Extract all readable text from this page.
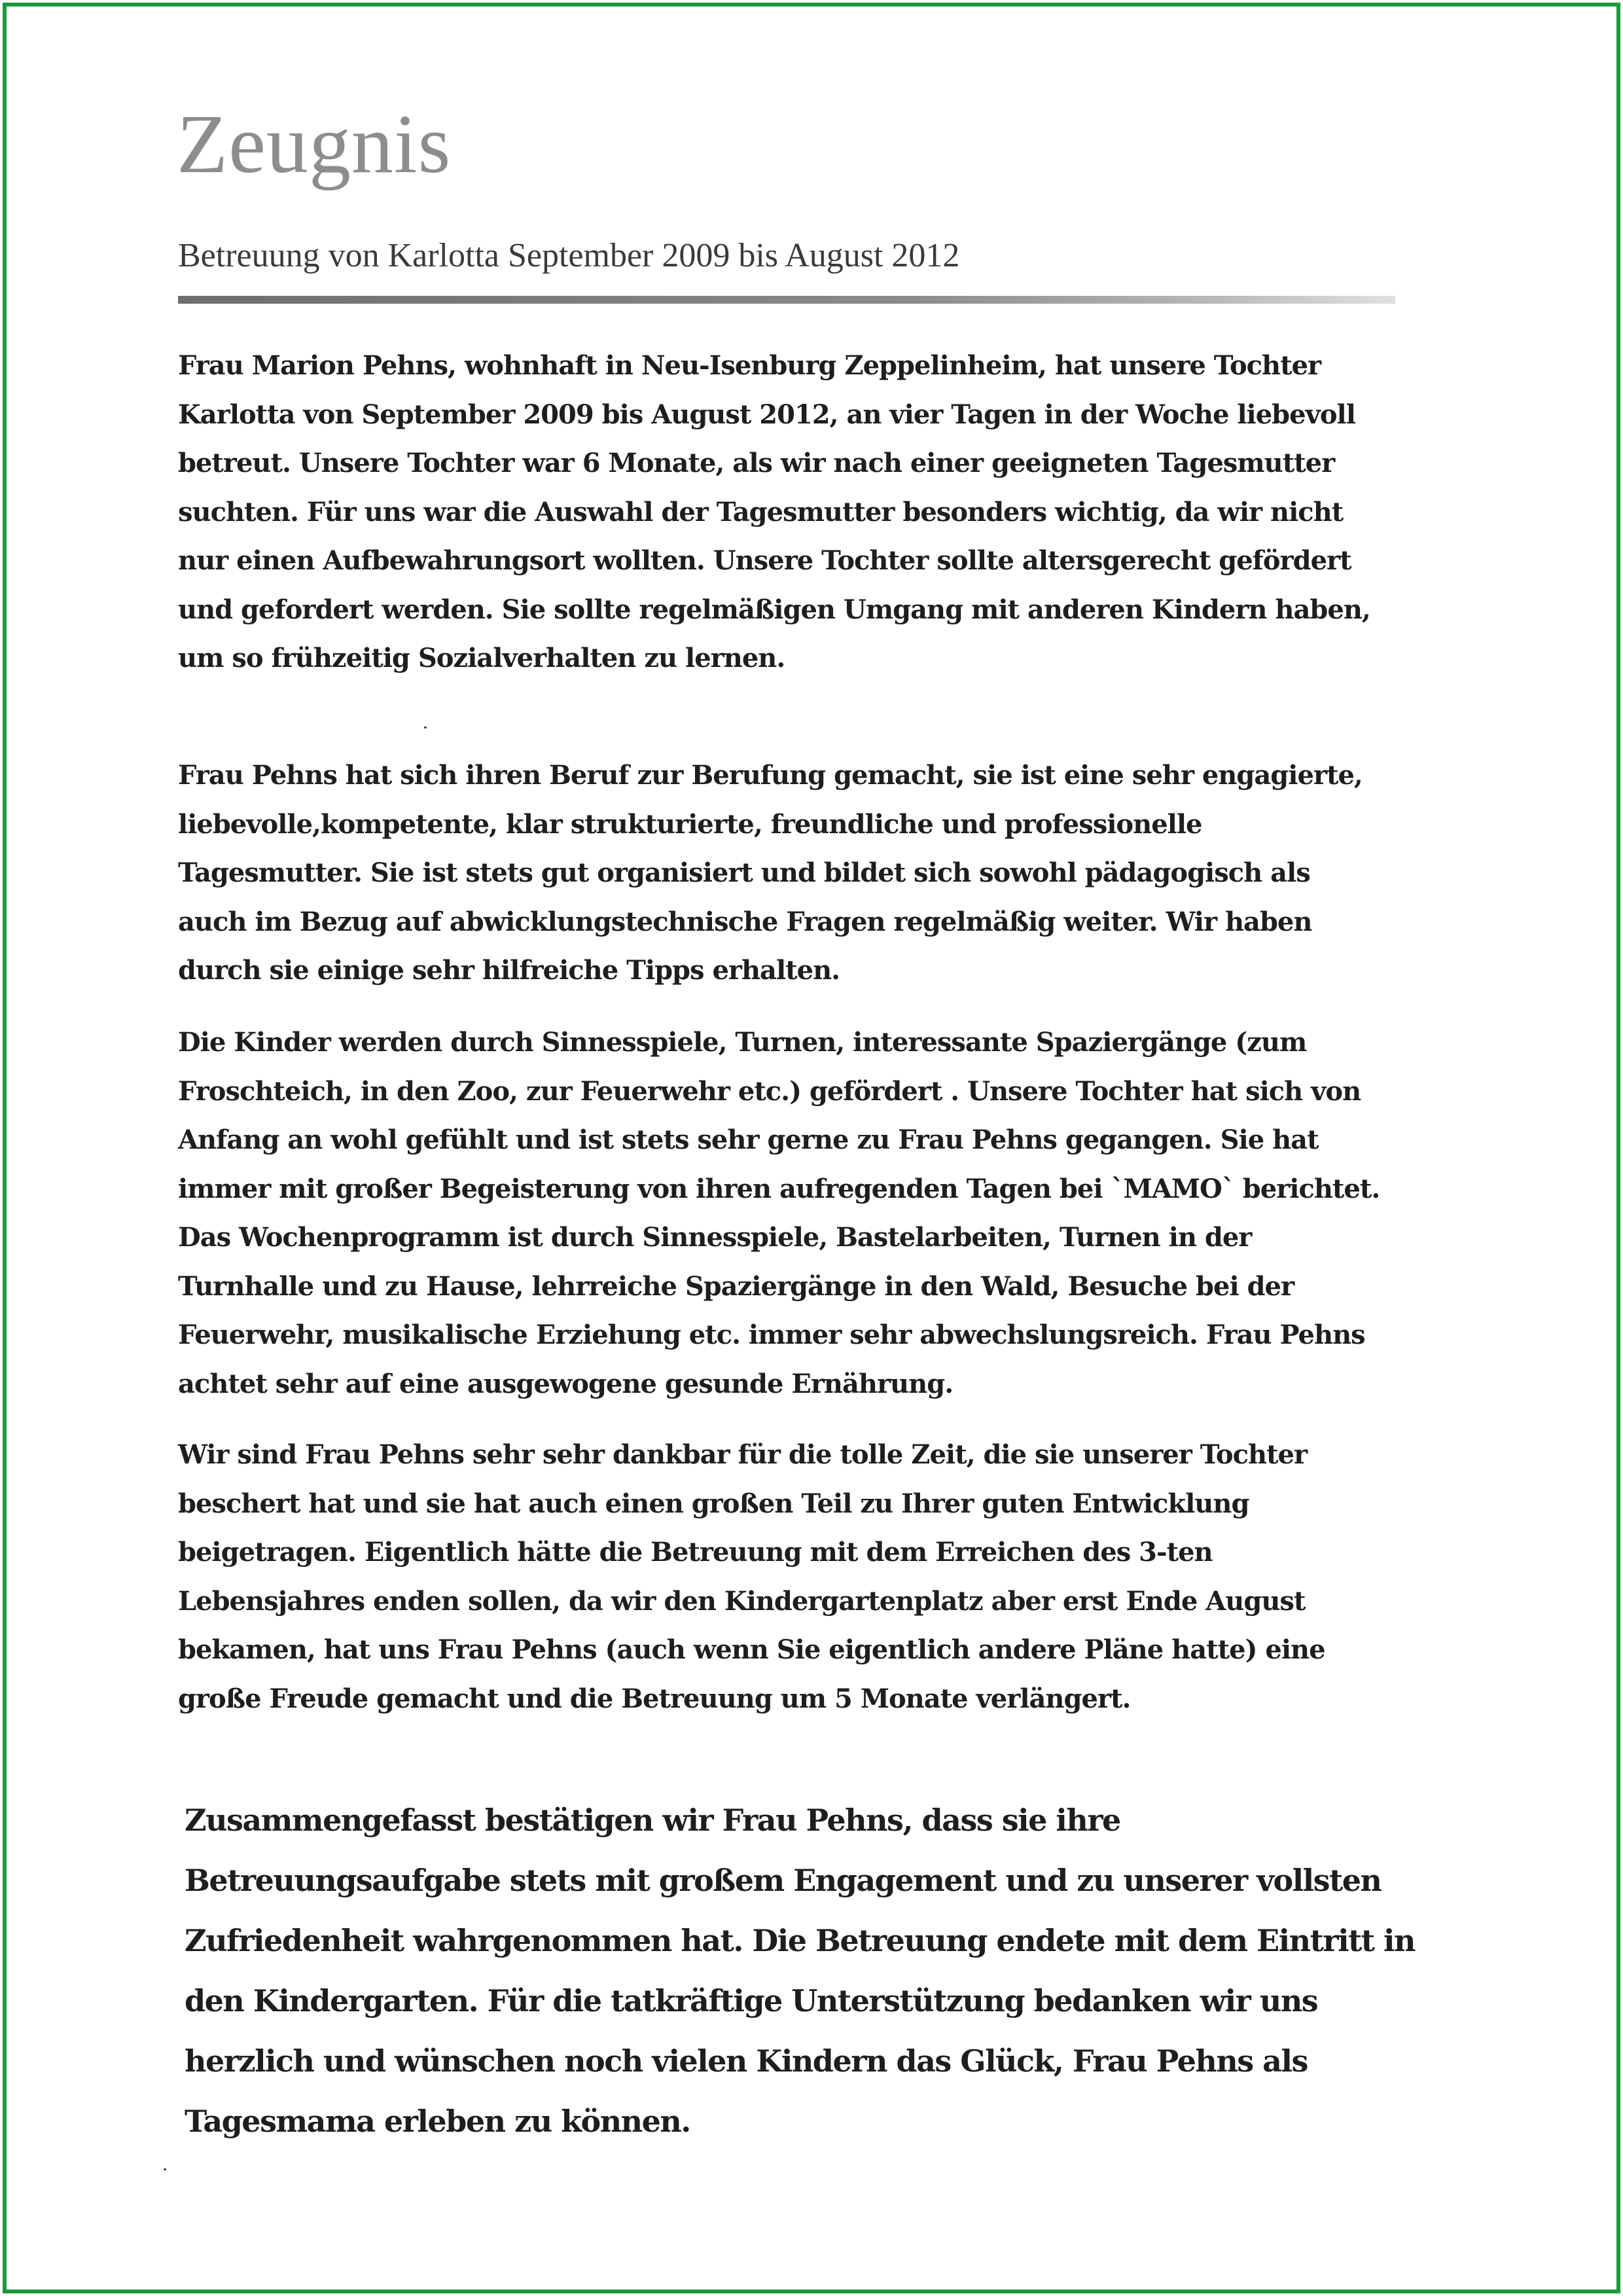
Zeugnis

Betreuung von Karlotta September 2009 bis August 2012

Frau Marion Pehns, wohnhaft in Neu-Isenburg Zeppelinheim, hat unsere Tochter Karlotta von September 2009 bis August 2012, an vier Tagen in der Woche liebevoll betreut. Unsere Tochter war 6 Monate, als wir nach einer geeigneten Tagesmutter suchten. Für uns war die Auswahl der Tagesmutter besonders wichtig, da wir nicht nur einen Aufbewahrungsort wollten. Unsere Tochter sollte altersgerecht gefördert und gefordert werden. Sie sollte regelmäßigen Umgang mit anderen Kindern haben, um so frühzeitig Sozialverhalten zu lernen.

Frau Pehns hat sich ihren Beruf zur Berufung gemacht, sie ist eine sehr engagierte, liebevolle,kompetente, klar strukturierte, freundliche und professionelle Tagesmutter. Sie ist stets gut organisiert und bildet sich sowohl pädagogisch als auch im Bezug auf abwicklungstechnische Fragen regelmäßig weiter. Wir haben durch sie einige sehr hilfreiche Tipps erhalten.

Die Kinder werden durch Sinnesspiele, Turnen, interessante Spaziergänge (zum Froschteich, in den Zoo, zur Feuerwehr etc.) gefördert . Unsere Tochter hat sich von Anfang an wohl gefühlt und ist stets sehr gerne zu Frau Pehns gegangen. Sie hat immer mit großer Begeisterung von ihren aufregenden Tagen bei `MAMO` berichtet. Das Wochenprogramm ist durch Sinnesspiele, Bastelarbeiten, Turnen in der Turnhalle und zu Hause, lehrreiche Spaziergänge in den Wald, Besuche bei der Feuerwehr, musikalische Erziehung etc. immer sehr abwechslungsreich. Frau Pehns achtet sehr auf eine ausgewogene gesunde Ernährung.

Wir sind Frau Pehns sehr sehr dankbar für die tolle Zeit, die sie unserer Tochter beschert hat und sie hat auch einen großen Teil zu Ihrer guten Entwicklung beigetragen. Eigentlich hätte die Betreuung mit dem Erreichen des 3-ten Lebensjahres enden sollen, da wir den Kindergartenplatz aber erst Ende August bekamen, hat uns Frau Pehns (auch wenn Sie eigentlich andere Pläne hatte) eine große Freude gemacht und die Betreuung um 5 Monate verlängert.

Zusammengefasst bestätigen wir Frau Pehns, dass sie ihre Betreuungsaufgabe stets mit großem Engagement und zu unserer vollsten Zufriedenheit wahrgenommen hat. Die Betreuung endete mit dem Eintritt in den Kindergarten. Für die tatkräftige Unterstützung bedanken wir uns herzlich und wünschen noch vielen Kindern das Glück, Frau Pehns als Tagesmama erleben zu können.
